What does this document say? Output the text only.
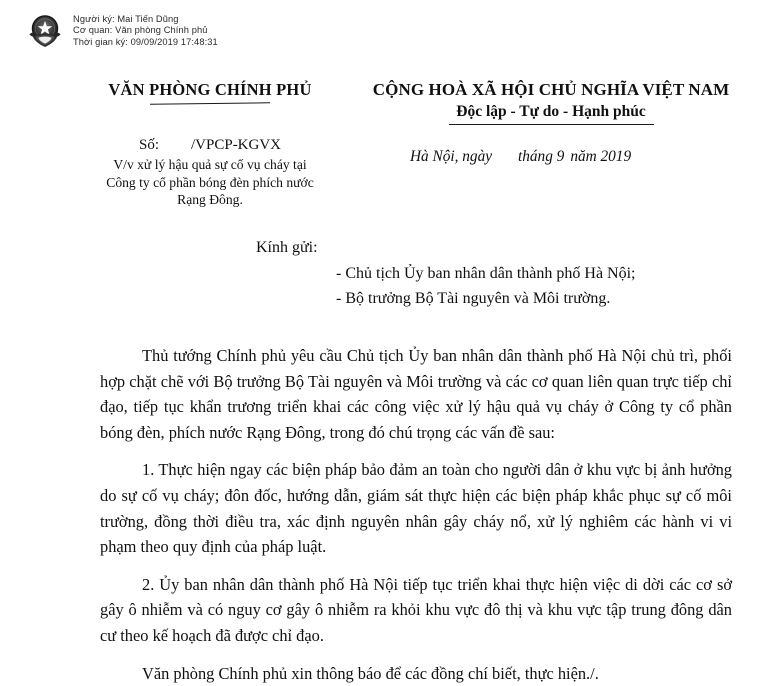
Người ký: Mai Tiến Dũng
Cơ quan: Văn phòng Chính phủ
Thời gian ký: 09/09/2019 17:48:31
VĂN PHÒNG CHÍNH PHỦ	CỘNG HOÀ XÃ HỘI CHỦ NGHĨA VIỆT NAM
Độc lập - Tự do - Hạnh phúc
Số: /VPCP-KGVX
V/v xử lý hậu quả sự cố vụ cháy tại
Công ty cổ phần bóng đèn phích nước
Rạng Đông.
Hà Nội, ngày tháng 9 năm 2019
Kính gửi:
- Chủ tịch Ủy ban nhân dân thành phố Hà Nội;
- Bộ trưởng Bộ Tài nguyên và Môi trường.

Thủ tướng Chính phủ yêu cầu Chủ tịch Ủy ban nhân dân thành phố Hà Nội chủ trì, phối hợp chặt chẽ với Bộ trưởng Bộ Tài nguyên và Môi trường và các cơ quan liên quan trực tiếp chỉ đạo, tiếp tục khẩn trương triển khai các công việc xử lý hậu quả vụ cháy ở Công ty cổ phần bóng đèn, phích nước Rạng Đông, trong đó chú trọng các vấn đề sau:

1. Thực hiện ngay các biện pháp bảo đảm an toàn cho người dân ở khu vực bị ảnh hưởng do sự cố vụ cháy; đôn đốc, hướng dẫn, giám sát thực hiện các biện pháp khắc phục sự cố môi trường, đồng thời điều tra, xác định nguyên nhân gây cháy nổ, xử lý nghiêm các hành vi vi phạm theo quy định của pháp luật.

2. Ủy ban nhân dân thành phố Hà Nội tiếp tục triển khai thực hiện việc di dời các cơ sở gây ô nhiễm và có nguy cơ gây ô nhiễm ra khỏi khu vực đô thị và khu vực tập trung đông dân cư theo kế hoạch đã được chỉ đạo.

Văn phòng Chính phủ xin thông báo để các đồng chí biết, thực hiện./.
